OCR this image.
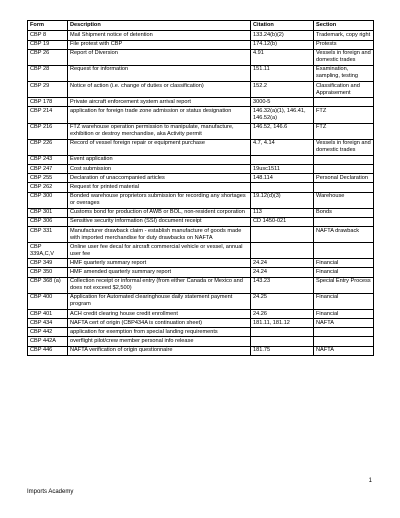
Form	Description	Citation	Section
CBP 8	Mail Shipment notice of detention	133.24(b)(2)	Trademark, copy right
CBP 19	File protest with CBP	174.12(b)	Protests
CBP 26	Report of Diversion	4.91	Vessels in foreign and domestic trades
CBP 28	Request for information	151.11	Examination, sampling, testing
CBP 29	Notice of action (i.e. change of duties or classification)	152.2	Classification and Appraisement
CBP 178	Private aircraft enforcement system arrival report	3000-5	
CBP 214	application for foreign trade zone admission or status designation	146.32(a)(1), 146.41, 146.52(a)	FTZ
CBP 216	FTZ warehouse operation permission to manipulate, manufacture, exhibition or destroy merchandise, aka Activity permit	146.52, 146.6	FTZ
CBP 226	Record of vessel foreign repair or equipment purchase	4.7, 4.14	Vessels in foreign and domestic trades
CBP 243	Event application		
CBP 247	Cost submission	19usc1511	
CBP 255	Declaration of unaccompanied articles	148.114	Personal Declaration
CBP 262	Request for printed material		
CBP 300	Bonded warehouse proprietors submission for recording any shortages or overages	19.12(d)(3)	Warehouse
CBP 301	Customs bond for production of AWB or BOL, non-resident corporation	113	Bonds
CBP 306	Sensitive security information (SSI) document receipt	CD 1450-021	
CBP 331	Manufacturer drawback claim - establish manufacture of goods made with imported merchandise for duty drawbacks on NAFTA		NAFTA drawback
CBP 339A,C,V	Online user fee decal for aircraft commercial vehicle or vessel, annual user fee		
CBP 349	HMF quarterly summary report	24.24	Financial
CBP 350	HMF amended quarterly summary report	24.24	Financial
CBP 368 (a)	Collection receipt or informal entry (from either Canada or Mexico and does not exceed $2,500)	143.23	Special Entry Process
CBP 400	Application for Automated clearinghouse daily statement payment program	24.25	Financial
CBP 401	ACH credit clearing house credit enrollment	24.26	Financial
CBP 434	NAFTA cert of origin (CBP434A is continuation sheet)	181.11, 181.12	NAFTA
CBP 442	application for exemption from special landing requirements		
CBP 442A	overflight pilot/crew member personal info release		
CBP 446	NAFTA verification of origin questionnaire	181.75	NAFTA
1
Imports Academy
